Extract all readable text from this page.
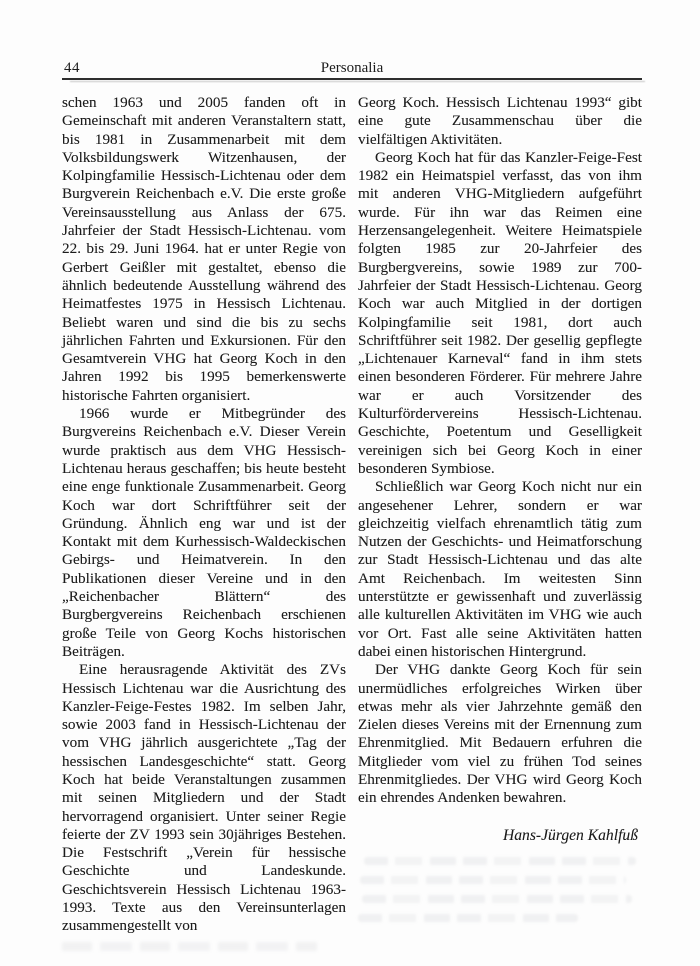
44	Personalia

schen 1963 und 2005 fanden oft in Gemeinschaft mit anderen Veranstaltern statt, bis 1981 in Zusammenarbeit mit dem Volksbildungswerk Witzenhausen, der Kolpingfamilie Hessisch-Lichtenau oder dem Burgverein Reichenbach e.V. Die erste große Vereinsausstellung aus Anlass der 675. Jahrfeier der Stadt Hessisch-Lichtenau. vom 22. bis 29. Juni 1964. hat er unter Regie von Gerbert Geißler mit gestaltet, ebenso die ähnlich bedeutende Ausstellung während des Heimatfestes 1975 in Hessisch Lichtenau. Beliebt waren und sind die bis zu sechs jährlichen Fahrten und Exkursionen. Für den Gesamtverein VHG hat Georg Koch in den Jahren 1992 bis 1995 bemerkenswerte historische Fahrten organisiert.

1966 wurde er Mitbegründer des Burgvereins Reichenbach e.V. Dieser Verein wurde praktisch aus dem VHG Hessisch-Lichtenau heraus geschaffen; bis heute besteht eine enge funktionale Zusammenarbeit. Georg Koch war dort Schriftführer seit der Gründung. Ähnlich eng war und ist der Kontakt mit dem Kurhessisch-Waldeckischen Gebirgs- und Heimatverein. In den Publikationen dieser Vereine und in den „Reichenbacher Blättern“ des Burgbergvereins Reichenbach erschienen große Teile von Georg Kochs historischen Beiträgen.

Eine herausragende Aktivität des ZVs Hessisch Lichtenau war die Ausrichtung des Kanzler-Feige-Festes 1982. Im selben Jahr, sowie 2003 fand in Hessisch-Lichtenau der vom VHG jährlich ausgerichtete „Tag der hessischen Landesgeschichte“ statt. Georg Koch hat beide Veranstaltungen zusammen mit seinen Mitgliedern und der Stadt hervorragend organisiert. Unter seiner Regie feierte der ZV 1993 sein 30jähriges Bestehen. Die Festschrift „Verein für hessische Geschichte und Landeskunde. Geschichtsverein Hessisch Lichtenau 1963-1993. Texte aus den Vereinsunterlagen zusammengestellt von

Georg Koch. Hessisch Lichtenau 1993“ gibt eine gute Zusammenschau über die vielfältigen Aktivitäten.

Georg Koch hat für das Kanzler-Feige-Fest 1982 ein Heimatspiel verfasst, das von ihm mit anderen VHG-Mitgliedern aufgeführt wurde. Für ihn war das Reimen eine Herzensangelegenheit. Weitere Heimatspiele folgten 1985 zur 20-Jahrfeier des Burgbergvereins, sowie 1989 zur 700-Jahrfeier der Stadt Hessisch-Lichtenau. Georg Koch war auch Mitglied in der dortigen Kolpingfamilie seit 1981, dort auch Schriftführer seit 1982. Der gesellig gepflegte „Lichtenauer Karneval“ fand in ihm stets einen besonderen Förderer. Für mehrere Jahre war er auch Vorsitzender des Kulturfördervereins Hessisch-Lichtenau. Geschichte, Poetentum und Geselligkeit vereinigen sich bei Georg Koch in einer besonderen Symbiose.

Schließlich war Georg Koch nicht nur ein angesehener Lehrer, sondern er war gleichzeitig vielfach ehrenamtlich tätig zum Nutzen der Geschichts- und Heimatforschung zur Stadt Hessisch-Lichtenau und das alte Amt Reichenbach. Im weitesten Sinn unterstützte er gewissenhaft und zuverlässig alle kulturellen Aktivitäten im VHG wie auch vor Ort. Fast alle seine Aktivitäten hatten dabei einen historischen Hintergrund.

Der VHG dankte Georg Koch für sein unermüdliches erfolgreiches Wirken über etwas mehr als vier Jahrzehnte gemäß den Zielen dieses Vereins mit der Ernennung zum Ehrenmitglied. Mit Bedauern erfuhren die Mitglieder vom viel zu frühen Tod seines Ehrenmitgliedes. Der VHG wird Georg Koch ein ehrendes Andenken bewahren.

Hans-Jürgen Kahlfuß
